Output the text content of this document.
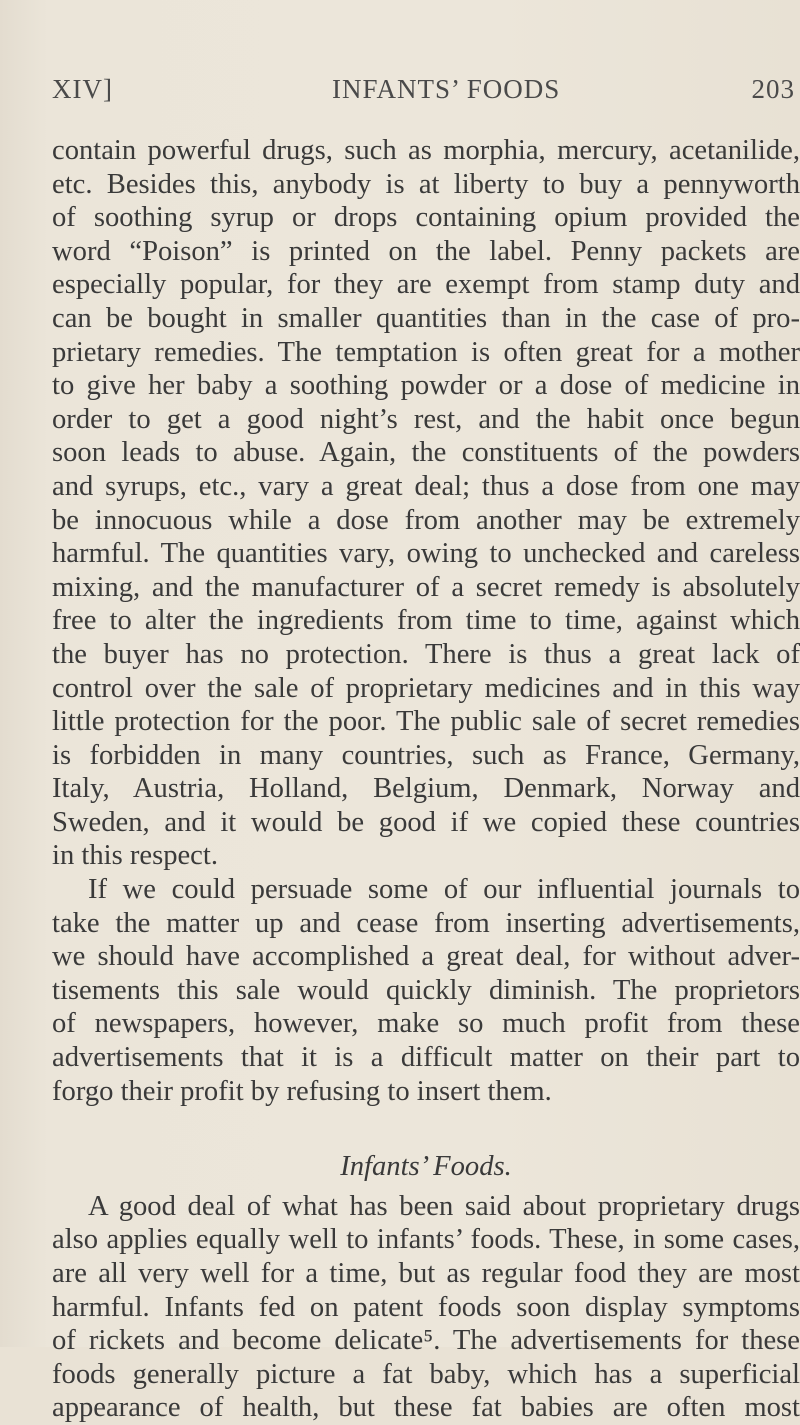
XIV]	INFANTS’ FOODS	203
contain powerful drugs, such as morphia, mercury, acetanilide,
etc. Besides this, anybody is at liberty to buy a pennyworth
of soothing syrup or drops containing opium provided the
word “Poison” is printed on the label. Penny packets are
especially popular, for they are exempt from stamp duty and
can be bought in smaller quantities than in the case of pro-
prietary remedies. The temptation is often great for a mother
to give her baby a soothing powder or a dose of medicine in
order to get a good night’s rest, and the habit once begun
soon leads to abuse. Again, the constituents of the powders
and syrups, etc., vary a great deal; thus a dose from one may
be innocuous while a dose from another may be extremely
harmful. The quantities vary, owing to unchecked and careless
mixing, and the manufacturer of a secret remedy is absolutely
free to alter the ingredients from time to time, against which
the buyer has no protection. There is thus a great lack of
control over the sale of proprietary medicines and in this way
little protection for the poor. The public sale of secret remedies
is forbidden in many countries, such as France, Germany,
Italy, Austria, Holland, Belgium, Denmark, Norway and
Sweden, and it would be good if we copied these countries
in this respect.
If we could persuade some of our influential journals to
take the matter up and cease from inserting advertisements,
we should have accomplished a great deal, for without adver-
tisements this sale would quickly diminish. The proprietors
of newspapers, however, make so much profit from these
advertisements that it is a difficult matter on their part to
forgo their profit by refusing to insert them.
Infants’ Foods.
A good deal of what has been said about proprietary drugs
also applies equally well to infants’ foods. These, in some cases,
are all very well for a time, but as regular food they are most
harmful. Infants fed on patent foods soon display symptoms
of rickets and become delicate⁵. The advertisements for these
foods generally picture a fat baby, which has a superficial
appearance of health, but these fat babies are often most
